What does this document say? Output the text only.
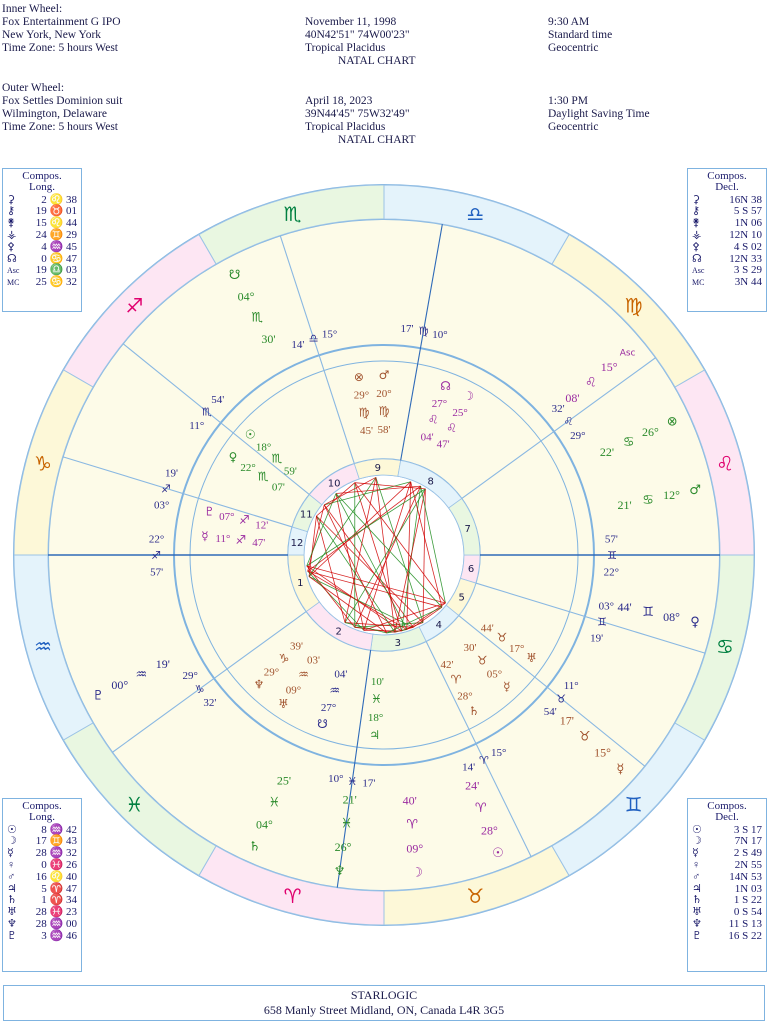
Inner Wheel:
Fox Entertainment G IPO
New York, New York
Time Zone: 5 hours West
November 11, 1998
40N42'51" 74W00'23"
Tropical Placidus
NATAL CHART
9:30 AM
Standard time
Geocentric
Outer Wheel:
Fox Settles Dominion suit
Wilmington, Delaware
Time Zone: 5 hours West
April 18, 2023
39N44'45" 75W32'49"
Tropical Placidus
NATAL CHART
1:30 PM
Daylight Saving Time
Geocentric
♈	♉
♊
♋
♌
♍
♎
♏
♐
♑
♒
♓
6
5
4
3
2
1
12
11
10
9
8
7
22°
♊
57'
19'
♊
03°
54'
♉
11°
14'
♈
15°
10° ♓ 17'
29°
♑
32'
22°
♐
57'
19'
♐
03°
54'
♏
11°
15°
♎
14'
10°
♍
17'
29°
♌
32'
Asc
15°
♌
08'
⊗
26°
♋
22'
♂
12°
♋
21'
♀
08°
♊
44'
☿
15°
♉
17'
☉
28°
♈
24'
☽
09°
♈
40'
♆
26°
♓
21'
♄
04°
♓
25'
♇
00°
♒
19'
☋
04°
♏
30'
⊗
29°
♍
45'
♂
20°
♍
58'
☊
27°
♌
04'
☽
25°
♌
47'
☉
18°
♏
59'
♀
22°
♏
07'
♇ 07° ♐ 12'
☿ 11° ♐ 47'
♆
29°
♑
39'
♅
09°
♒
03'
☋
27°
♒
04'
♃
18°
♓
10'
♄
28°
♈
42'
☿
05°
♉
30'
♅
17°
♉
44'
Compos.
Long.
⚳	2 ♌ 38
⚷	19 ♉ 01
⚵	15 ♌ 44
⚶	24 ♊ 29
⚴	4 ♒ 45
☊	0 ♋ 47
Asc 19 ♎ 03
MC 25 ♋ 32
Compos.
Decl.
⚳	16N 38
⚷	5 S 57
⚵	1N 06
⚶	12N 10
⚴	4 S 02
☊	12N 33
Asc	3 S 29
MC	3N 44
Compos.
Long.
☉	8 ♒ 42
☽	17 ♊ 43
☿	28 ♒ 32
♀	0 ♓ 26
♂	16 ♌ 40
♃	5 ♈ 47
♄	1 ♈ 34
♅	28 ♓ 23
♆	28 ♒ 00
♇	3 ♒ 46
Compos.
Decl.
☉	3 S 17
☽	7N 17
☿	2 S 49
♀	2N 55
♂	14N 53
♃	1N 03
♄	1 S 22
♅	0 S 54
♆	11 S 13
♇	16 S 22
STARLOGIC
658 Manly Street Midland, ON, Canada L4R 3G5
